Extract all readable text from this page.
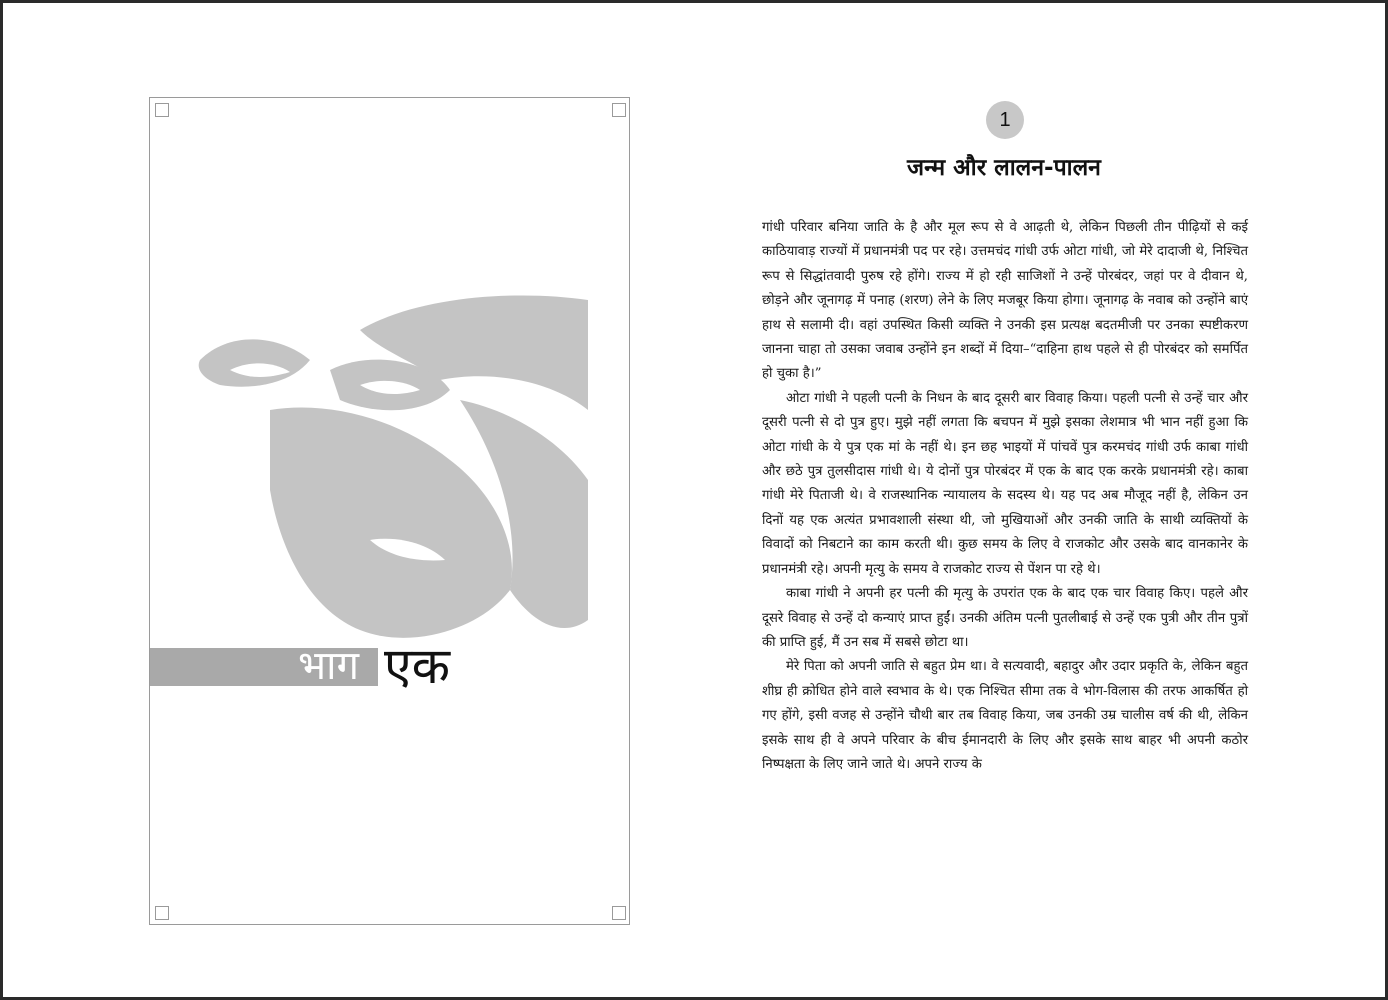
भाग एक
1
जन्म और लालन-पालन

गांधी परिवार बनिया जाति के है और मूल रूप से वे आढ़ती थे, लेकिन पिछली तीन पीढ़ियों से कई काठियावाड़ राज्यों में प्रधानमंत्री पद पर रहे। उत्तमचंद गांधी उर्फ ओटा गांधी, जो मेरे दादाजी थे, निश्चित रूप से सिद्धांतवादी पुरुष रहे होंगे। राज्य में हो रही साजिशों ने उन्हें पोरबंदर, जहां पर वे दीवान थे, छोड़ने और जूनागढ़ में पनाह (शरण) लेने के लिए मजबूर किया होगा। जूनागढ़ के नवाब को उन्होंने बाएं हाथ से सलामी दी। वहां उपस्थित किसी व्यक्ति ने उनकी इस प्रत्यक्ष बदतमीजी पर उनका स्पष्टीकरण जानना चाहा तो उसका जवाब उन्होंने इन शब्दों में दिया–“दाहिना हाथ पहले से ही पोरबंदर को समर्पित हो चुका है।”

ओटा गांधी ने पहली पत्नी के निधन के बाद दूसरी बार विवाह किया। पहली पत्नी से उन्हें चार और दूसरी पत्नी से दो पुत्र हुए। मुझे नहीं लगता कि बचपन में मुझे इसका लेशमात्र भी भान नहीं हुआ कि ओटा गांधी के ये पुत्र एक मां के नहीं थे। इन छह भाइयों में पांचवें पुत्र करमचंद गांधी उर्फ काबा गांधी और छठे पुत्र तुलसीदास गांधी थे। ये दोनों पुत्र पोरबंदर में एक के बाद एक करके प्रधानमंत्री रहे। काबा गांधी मेरे पिताजी थे। वे राजस्थानिक न्यायालय के सदस्य थे। यह पद अब मौजूद नहीं है, लेकिन उन दिनों यह एक अत्यंत प्रभावशाली संस्था थी, जो मुखियाओं और उनकी जाति के साथी व्यक्तियों के विवादों को निबटाने का काम करती थी। कुछ समय के लिए वे राजकोट और उसके बाद वानकानेर के प्रधानमंत्री रहे। अपनी मृत्यु के समय वे राजकोट राज्य से पेंशन पा रहे थे।

काबा गांधी ने अपनी हर पत्नी की मृत्यु के उपरांत एक के बाद एक चार विवाह किए। पहले और दूसरे विवाह से उन्हें दो कन्याएं प्राप्त हुईं। उनकी अंतिम पत्नी पुतलीबाई से उन्हें एक पुत्री और तीन पुत्रों की प्राप्ति हुई, मैं उन सब में सबसे छोटा था।

मेरे पिता को अपनी जाति से बहुत प्रेम था। वे सत्यवादी, बहादुर और उदार प्रकृति के, लेकिन बहुत शीघ्र ही क्रोधित होने वाले स्वभाव के थे। एक निश्चित सीमा तक वे भोग-विलास की तरफ आकर्षित हो गए होंगे, इसी वजह से उन्होंने चौथी बार तब विवाह किया, जब उनकी उम्र चालीस वर्ष की थी, लेकिन इसके साथ ही वे अपने परिवार के बीच ईमानदारी के लिए और इसके साथ बाहर भी अपनी कठोर निष्पक्षता के लिए जाने जाते थे। अपने राज्य के
